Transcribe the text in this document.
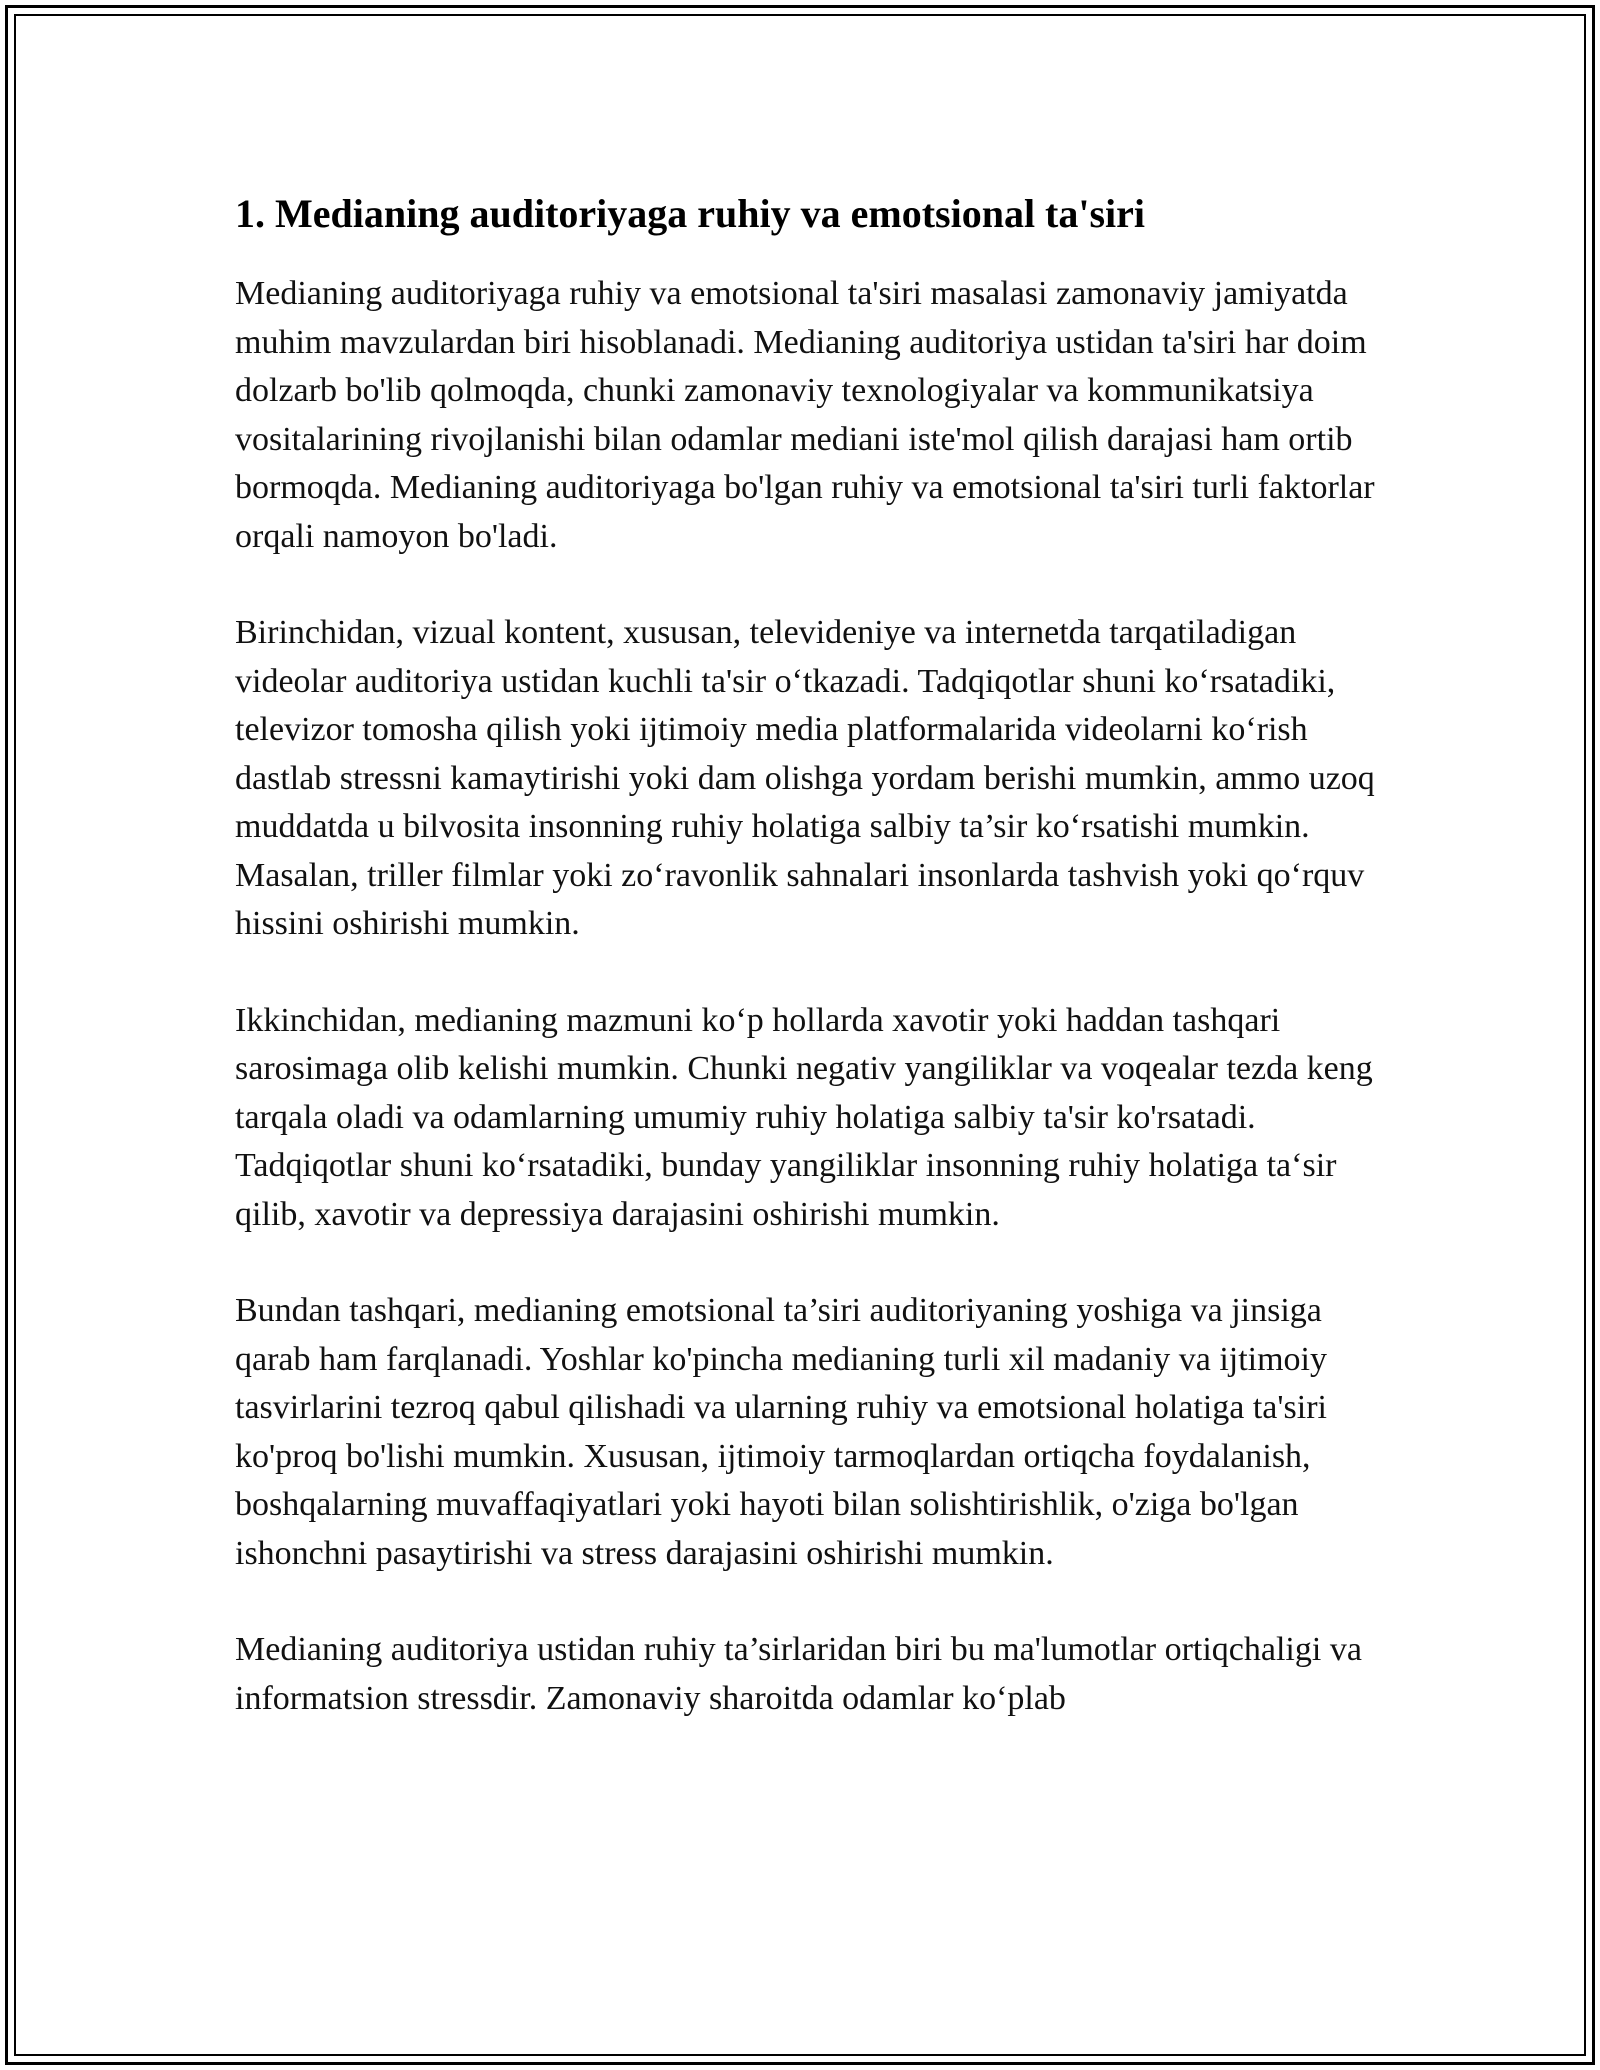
1. Medianing auditoriyaga ruhiy va emotsional ta'siri

Medianing auditoriyaga ruhiy va emotsional ta'siri masalasi zamonaviy jamiyatda muhim mavzulardan biri hisoblanadi. Medianing auditoriya ustidan ta'siri har doim dolzarb bo'lib qolmoqda, chunki zamonaviy texnologiyalar va kommunikatsiya vositalarining rivojlanishi bilan odamlar mediani iste'mol qilish darajasi ham ortib bormoqda. Medianing auditoriyaga bo'lgan ruhiy va emotsional ta'siri turli faktorlar orqali namoyon bo'ladi.

Birinchidan, vizual kontent, xususan, televideniye va internetda tarqatiladigan videolar auditoriya ustidan kuchli ta'sir o‘tkazadi. Tadqiqotlar shuni ko‘rsatadiki, televizor tomosha qilish yoki ijtimoiy media platformalarida videolarni ko‘rish dastlab stressni kamaytirishi yoki dam olishga yordam berishi mumkin, ammo uzoq muddatda u bilvosita insonning ruhiy holatiga salbiy ta’sir ko‘rsatishi mumkin. Masalan, triller filmlar yoki zo‘ravonlik sahnalari insonlarda tashvish yoki qo‘rquv hissini oshirishi mumkin.

Ikkinchidan, medianing mazmuni ko‘p hollarda xavotir yoki haddan tashqari sarosimaga olib kelishi mumkin. Chunki negativ yangiliklar va voqealar tezda keng tarqala oladi va odamlarning umumiy ruhiy holatiga salbiy ta'sir ko'rsatadi. Tadqiqotlar shuni ko‘rsatadiki, bunday yangiliklar insonning ruhiy holatiga ta‘sir qilib, xavotir va depressiya darajasini oshirishi mumkin.

Bundan tashqari, medianing emotsional ta’siri auditoriyaning yoshiga va jinsiga qarab ham farqlanadi. Yoshlar ko'pincha medianing turli xil madaniy va ijtimoiy tasvirlarini tezroq qabul qilishadi va ularning ruhiy va emotsional holatiga ta'siri ko'proq bo'lishi mumkin. Xususan, ijtimoiy tarmoqlardan ortiqcha foydalanish, boshqalarning muvaffaqiyatlari yoki hayoti bilan solishtirishlik, o'ziga bo'lgan ishonchni pasaytirishi va stress darajasini oshirishi mumkin.

Medianing auditoriya ustidan ruhiy ta’sirlaridan biri bu ma'lumotlar ortiqchaligi va informatsion stressdir. Zamonaviy sharoitda odamlar ko‘plab
